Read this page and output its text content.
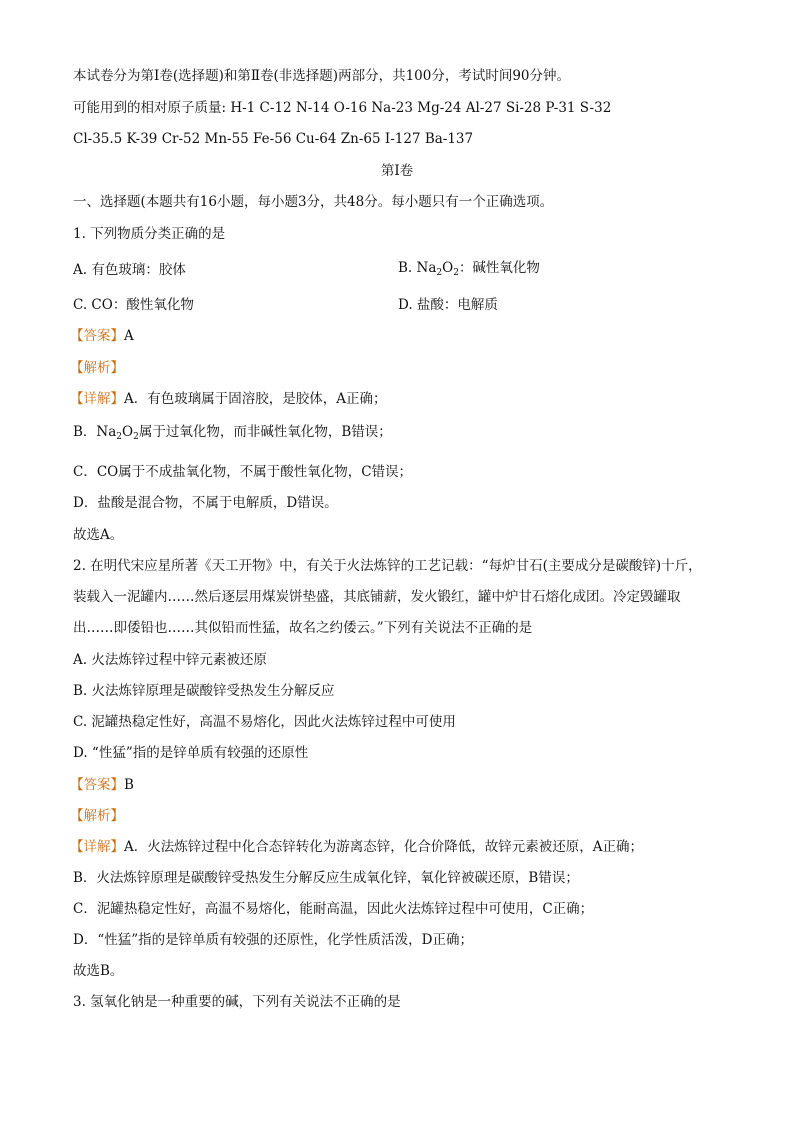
本试卷分为第Ⅰ卷(选择题)和第Ⅱ卷(非选择题)两部分，共100分，考试时间90分钟。
可能用到的相对原子质量: H-1 C-12 N-14 O-16 Na-23 Mg-24 Al-27 Si-28 P-31 S-32
Cl-35.5 K-39 Cr-52 Mn-55 Fe-56 Cu-64 Zn-65 I-127 Ba-137
第Ⅰ卷
一、选择题(本题共有16小题，每小题3分，共48分。每小题只有一个正确选项。
1. 下列物质分类正确的是
A. 有色玻璃：胶体	B. $Na_2O_2$：碱性氧化物
C. CO：酸性氧化物	D. 盐酸：电解质
【答案】A
【解析】
【详解】A．有色玻璃属于固溶胶，是胶体，A正确；
B．$Na_2O_2$属于过氧化物，而非碱性氧化物，B错误；
C．CO属于不成盐氧化物，不属于酸性氧化物，C错误；
D．盐酸是混合物，不属于电解质，D错误。
故选A。
2. 在明代宋应星所著《天工开物》中，有关于火法炼锌的工艺记载：“每炉甘石(主要成分是碳酸锌)十斤，
装载入一泥罐内……然后逐层用煤炭饼垫盛，其底铺薪，发火锻红，罐中炉甘石熔化成团。冷定毁罐取
出……即倭铅也……其似铅而性猛，故名之约倭云。”下列有关说法不正确的是
A. 火法炼锌过程中锌元素被还原
B. 火法炼锌原理是碳酸锌受热发生分解反应
C. 泥罐热稳定性好，高温不易熔化，因此火法炼锌过程中可使用
D. “性猛”指的是锌单质有较强的还原性
【答案】B
【解析】
【详解】A．火法炼锌过程中化合态锌转化为游离态锌，化合价降低，故锌元素被还原，A正确；
B．火法炼锌原理是碳酸锌受热发生分解反应生成氧化锌，氧化锌被碳还原，B错误；
C．泥罐热稳定性好，高温不易熔化，能耐高温，因此火法炼锌过程中可使用，C正确；
D．“性猛”指的是锌单质有较强的还原性，化学性质活泼，D正确；
故选B。
3. 氢氧化钠是一种重要的碱，下列有关说法不正确的是
